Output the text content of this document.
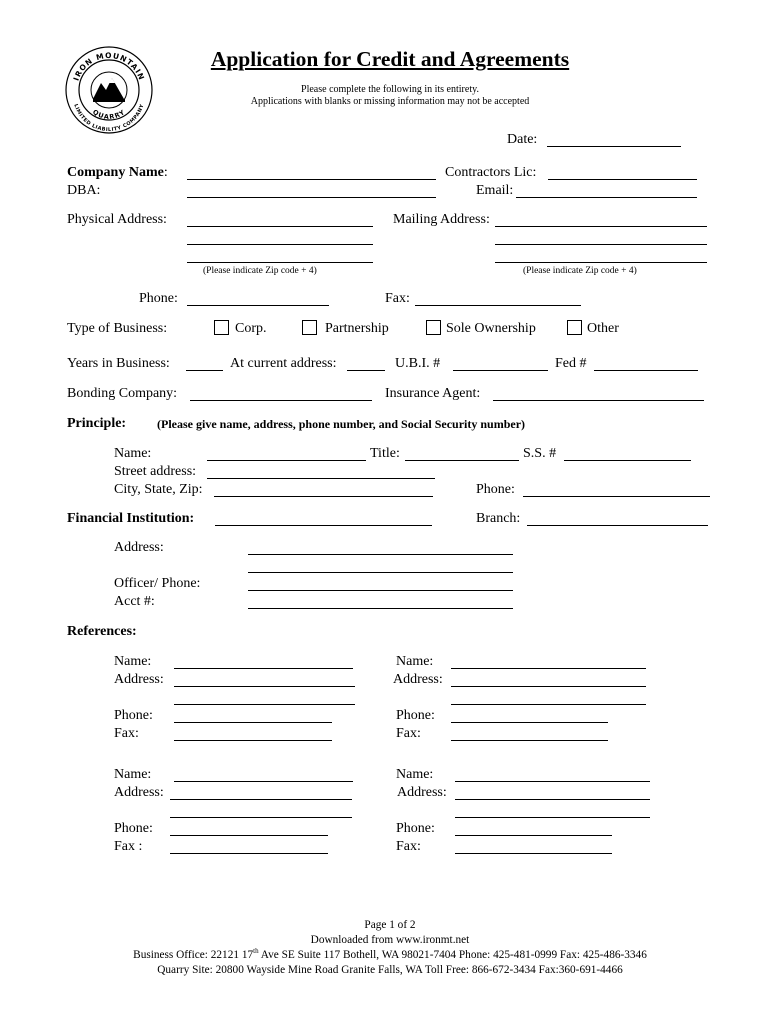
IRON MOUNTAIN
QUARRY
LIMITED LIABILITY COMPANY
Application for Credit and Agreements
Please complete the following in its entirety.
Applications with blanks or missing information may not be accepted
Date:
Company Name:	Contractors Lic:
DBA:	Email:
Physical Address:
(Please indicate Zip code + 4)
Mailing Address:
(Please indicate Zip code + 4)
Phone:	Fax:
Type of Business:	Corp.	Partnership	Sole Ownership	Other
Years in Business:	At current address:	U.B.I. #	Fed #
Bonding Company:	Insurance Agent:
Principle:	(Please give name, address, phone number, and Social Security number)
Name:	Title:	S.S. #
Street address:
City, State, Zip:	Phone:
Financial Institution:	Branch:
Address:
Officer/ Phone:
Acct #:
References:
Name:
Address:
Phone:
Fax:
Name:
Address:
Phone:
Fax:
Name:
Address:
Phone:
Fax :
Name:
Address:
Phone:
Fax:
Page 1 of 2
Downloaded from www.ironmt.net
Business Office: 22121 17th Ave SE Suite 117 Bothell, WA 98021-7404 Phone: 425-481-0999 Fax: 425-486-3346
Quarry Site: 20800 Wayside Mine Road Granite Falls, WA Toll Free: 866-672-3434 Fax:360-691-4466
